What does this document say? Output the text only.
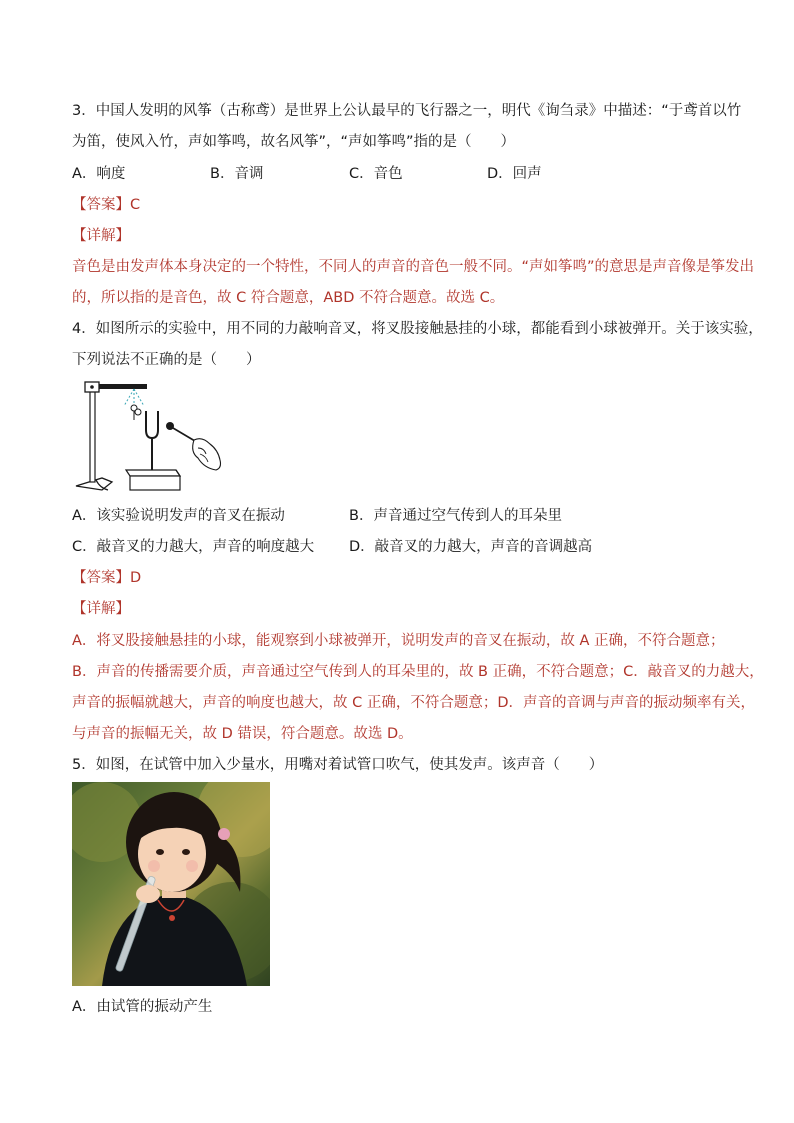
3．中国人发明的风筝（古称鸢）是世界上公认最早的飞行器之一，明代《询刍录》中描述：“于鸢首以竹
为笛，使风入竹，声如筝鸣，故名风筝”，“声如筝鸣”指的是（　　）
A．响度	B．音调	C．音色	D．回声
【答案】C
【详解】
音色是由发声体本身决定的一个特性，不同人的声音的音色一般不同。“声如筝鸣”的意思是声音像是筝发出
的，所以指的是音色，故 C 符合题意，ABD 不符合题意。故选 C。
4．如图所示的实验中，用不同的力敲响音叉，将叉股接触悬挂的小球，都能看到小球被弹开。关于该实验，
下列说法不正确的是（　　）
A．该实验说明发声的音叉在振动	B．声音通过空气传到人的耳朵里
C．敲音叉的力越大，声音的响度越大 D．敲音叉的力越大，声音的音调越高
【答案】D
【详解】
A．将叉股接触悬挂的小球，能观察到小球被弹开，说明发声的音叉在振动，故 A 正确，不符合题意；
B．声音的传播需要介质，声音通过空气传到人的耳朵里的，故 B 正确，不符合题意；C．敲音叉的力越大，
声音的振幅就越大，声音的响度也越大，故 C 正确，不符合题意；D．声音的音调与声音的振动频率有关，
与声音的振幅无关，故 D 错误，符合题意。故选 D。
5．如图，在试管中加入少量水，用嘴对着试管口吹气，使其发声。该声音（　　）
A．由试管的振动产生
